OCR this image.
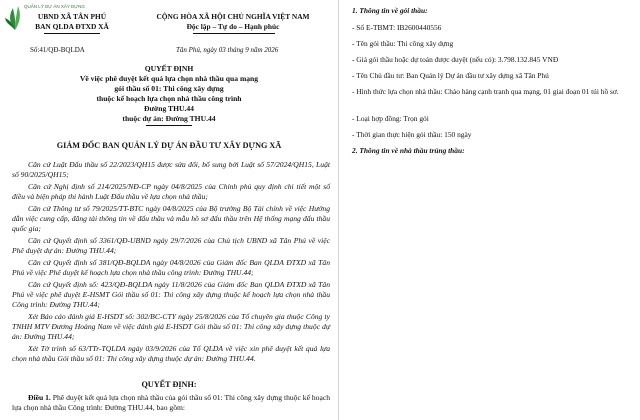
QUẢN LÝ DỰ ÁN XÂY DỰNG
UBND XÃ TÂN PHÚ
BAN QLDA ĐTXD XÃ
CỘNG HÒA XÃ HỘI CHỦ NGHĨA VIỆT NAM
Độc lập – Tự do – Hạnh phúc
Số:41/QĐ-BQLDA	Tân Phú, ngày 03 tháng 9 năm 2026
QUYẾT ĐỊNH
Về việc phê duyệt kết quả lựa chọn nhà thầu qua mạng
gói thầu số 01: Thi công xây dựng
thuộc kế hoạch lựa chọn nhà thầu công trình
Đường THU.44
thuộc dự án: Đường THU.44
GIÁM ĐỐC BAN QUẢN LÝ DỰ ÁN ĐẦU TƯ XÂY DỰNG XÃ

Căn cứ Luật Đấu thầu số 22/2023/QH15 được sửa đổi, bổ sung bởi Luật số 57/2024/QH15, Luật số 90/2025/QH15;

Căn cứ Nghị định số 214/2025/NĐ-CP ngày 04/8/2025 của Chính phủ quy định chi tiết một số điều và biện pháp thi hành Luật Đấu thầu về lựa chọn nhà thầu;

Căn cứ Thông tư số 79/2025/TT-BTC ngày 04/8/2025 của Bộ trưởng Bộ Tài chính về việc Hướng dẫn việc cung cấp, đăng tải thông tin về đấu thầu và mẫu hồ sơ đấu thầu trên Hệ thống mạng đấu thầu quốc gia;

Căn cứ Quyết định số 3361/QĐ-UBND ngày 29/7/2026 của Chủ tịch UBND xã Tân Phú về việc Phê duyệt dự án: Đường THU.44;

Căn cứ Quyết định số 381/QĐ-BQLDA ngày 04/8/2026 của Giám đốc Ban QLDA ĐTXD xã Tân Phú về việc Phê duyệt kế hoạch lựa chọn nhà thầu công trình: Đường THU.44;

Căn cứ Quyết định số: 423/QĐ-BQLDA ngày 11/8/2026 của Giám đốc Ban QLDA ĐTXD xã Tân Phú về việc phê duyệt E-HSMT Gói thầu số 01: Thi công xây dựng thuộc kế hoạch lựa chọn nhà thầu Công trình: Đường THU.44;

Xét Báo cáo đánh giá E-HSDT số: 302/BC-CTY ngày 25/8/2026 của Tổ chuyên gia thuộc Công ty TNHH MTV Đương Hoàng Nam về việc đánh giá E-HSDT Gói thầu số 01: Thi công xây dựng thuộc dự án: Đường THU.44;

Xét Tờ trình số 63/TTr-TQLDA ngày 03/9/2026 của Tổ QLDA về việc xin phê duyệt kết quả lựa chọn nhà thầu Gói thầu số 01: Thi công xây dựng thuộc dự án: Đường THU.44.

QUYẾT ĐỊNH:

Điều 1. Phê duyệt kết quả lựa chọn nhà thầu của gói thầu số 01: Thi công xây dựng thuộc kế hoạch lựa chọn nhà thầu Công trình: Đường THU.44, bao gồm:

1. Thông tin về gói thầu:
- Số E-TBMT: IB2600440556
- Tên gói thầu: Thi công xây dựng
- Giá gói thầu hoặc dự toán được duyệt (nếu có): 3.798.132.845 VNĐ
- Tên Chủ đầu tư: Ban Quản lý Dự án đầu tư xây dựng xã Tân Phú
- Hình thức lựa chọn nhà thầu: Chào hàng cạnh tranh qua mạng, 01 giai đoạn 01 túi hồ sơ.
- Loại hợp đồng: Trọn gói
- Thời gian thực hiện gói thầu: 150 ngày
2. Thông tin về nhà thầu trúng thầu:
